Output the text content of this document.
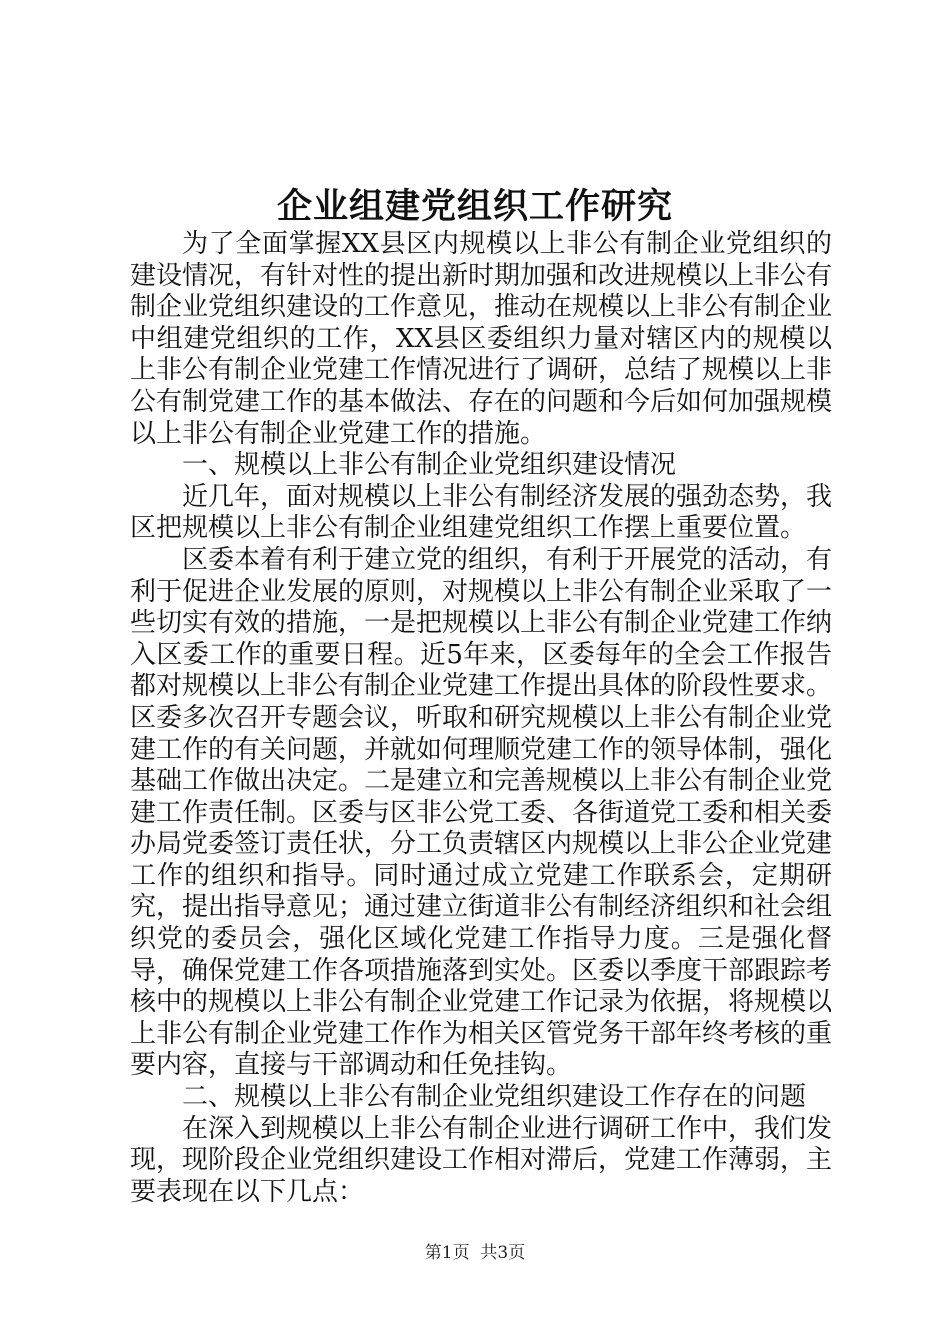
企业组建党组织工作研究

为了全面掌握XX县区内规模以上非公有制企业党组织的建设情况，有针对性的提出新时期加强和改进规模以上非公有制企业党组织建设的工作意见，推动在规模以上非公有制企业中组建党组织的工作，XX县区委组织力量对辖区内的规模以上非公有制企业党建工作情况进行了调研，总结了规模以上非公有制党建工作的基本做法、存在的问题和今后如何加强规模以上非公有制企业党建工作的措施。

一、规模以上非公有制企业党组织建设情况

近几年，面对规模以上非公有制经济发展的强劲态势，我区把规模以上非公有制企业组建党组织工作摆上重要位置。

区委本着有利于建立党的组织，有利于开展党的活动，有利于促进企业发展的原则，对规模以上非公有制企业采取了一些切实有效的措施，一是把规模以上非公有制企业党建工作纳入区委工作的重要日程。近5年来，区委每年的全会工作报告都对规模以上非公有制企业党建工作提出具体的阶段性要求。区委多次召开专题会议，听取和研究规模以上非公有制企业党建工作的有关问题，并就如何理顺党建工作的领导体制，强化基础工作做出决定。二是建立和完善规模以上非公有制企业党建工作责任制。区委与区非公党工委、各街道党工委和相关委办局党委签订责任状，分工负责辖区内规模以上非公企业党建工作的组织和指导。同时通过成立党建工作联系会，定期研究，提出指导意见；通过建立街道非公有制经济组织和社会组织党的委员会，强化区域化党建工作指导力度。三是强化督导，确保党建工作各项措施落到实处。区委以季度干部跟踪考核中的规模以上非公有制企业党建工作记录为依据，将规模以上非公有制企业党建工作作为相关区管党务干部年终考核的重要内容，直接与干部调动和任免挂钩。

二、规模以上非公有制企业党组织建设工作存在的问题

在深入到规模以上非公有制企业进行调研工作中，我们发现，现阶段企业党组织建设工作相对滞后，党建工作薄弱，主要表现在以下几点：

第1页  共3页
